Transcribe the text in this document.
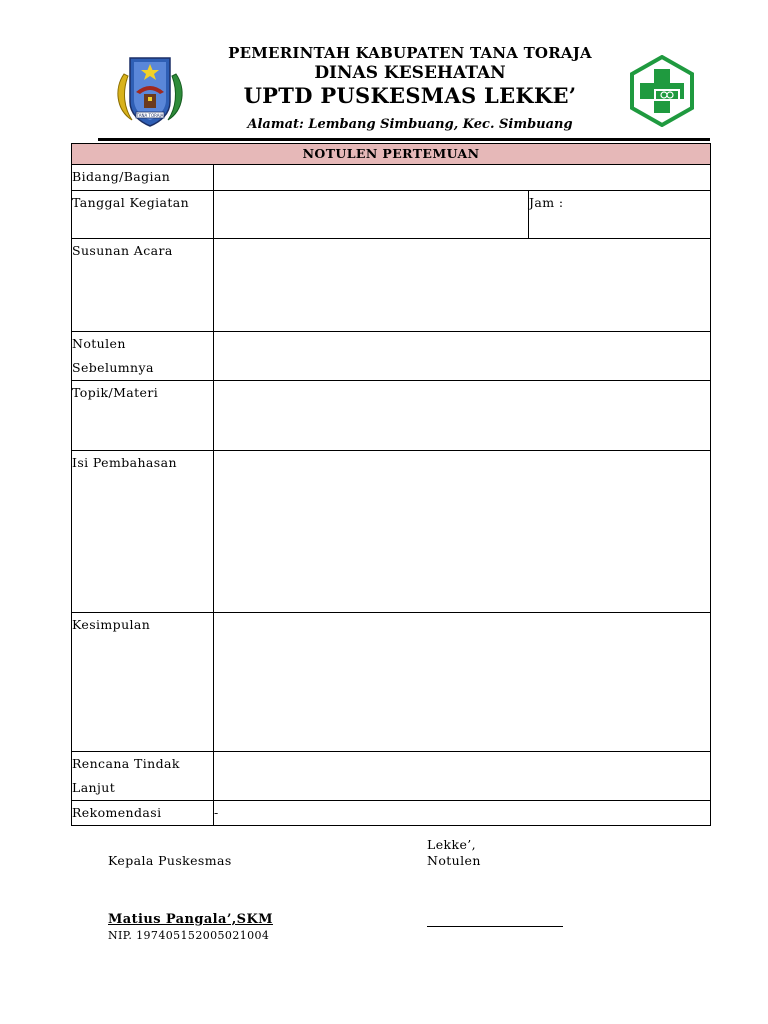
TANA TORAJA
PEMERINTAH KABUPATEN TANA TORAJA
DINAS KESEHATAN
UPTD PUSKESMAS LEKKE’
Alamat: Lembang Simbuang, Kec. Simbuang
NOTULEN PERTEMUAN		
Bidang/Bagian		
Tanggal Kegiatan		Jam :
Susunan Acara		

Notulen
Sebelumnya		

Topik/Materi		
Isi Pembahasan		
Kesimpulan		

Rencana Tindak
Lanjut		

Rekomendasi	-	
Lekke’,
Notulen
Kepala Puskesmas
Matius Pangala’,SKM
NIP. 197405152005021004
